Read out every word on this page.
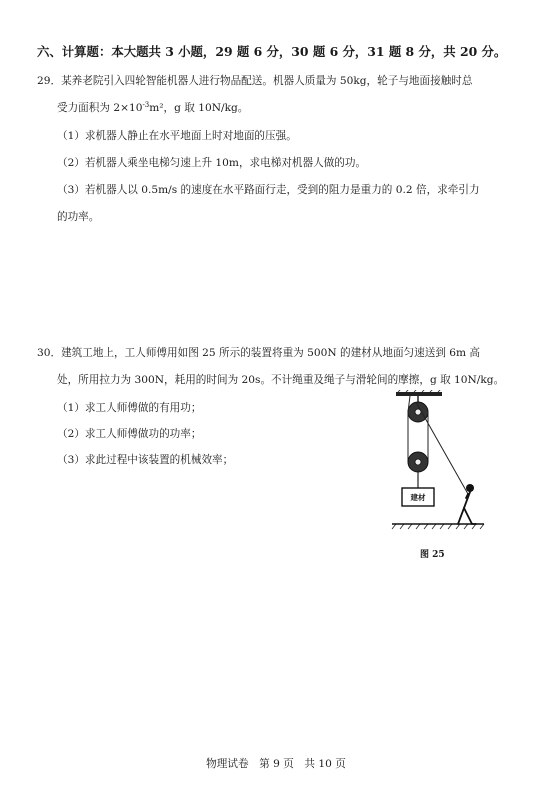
六、计算题：本大题共 3 小题，29 题 6 分，30 题 6 分，31 题 8 分，共 20 分。
29．某养老院引入四轮智能机器人进行物品配送。机器人质量为 50kg，轮子与地面接触时总
受力面积为 $2\times 10^{-3}m^2$，g 取 10N/kg。
（1）求机器人静止在水平地面上时对地面的压强。
（2）若机器人乘坐电梯匀速上升 10m，求电梯对机器人做的功。
（3）若机器人以 0.5m/s 的速度在水平路面行走，受到的阻力是重力的 0.2 倍，求牵引力
的功率。
30．建筑工地上，工人师傅用如图 25 所示的装置将重为 500N 的建材从地面匀速送到 6m 高
处，所用拉力为 300N，耗用的时间为 20s。不计绳重及绳子与滑轮间的摩擦，g 取 10N/kg。
（1）求工人师傅做的有用功；
（2）求工人师傅做功的功率；
（3）求此过程中该装置的机械效率；
建材
图 25
物理试卷　第 9 页　共 10 页
